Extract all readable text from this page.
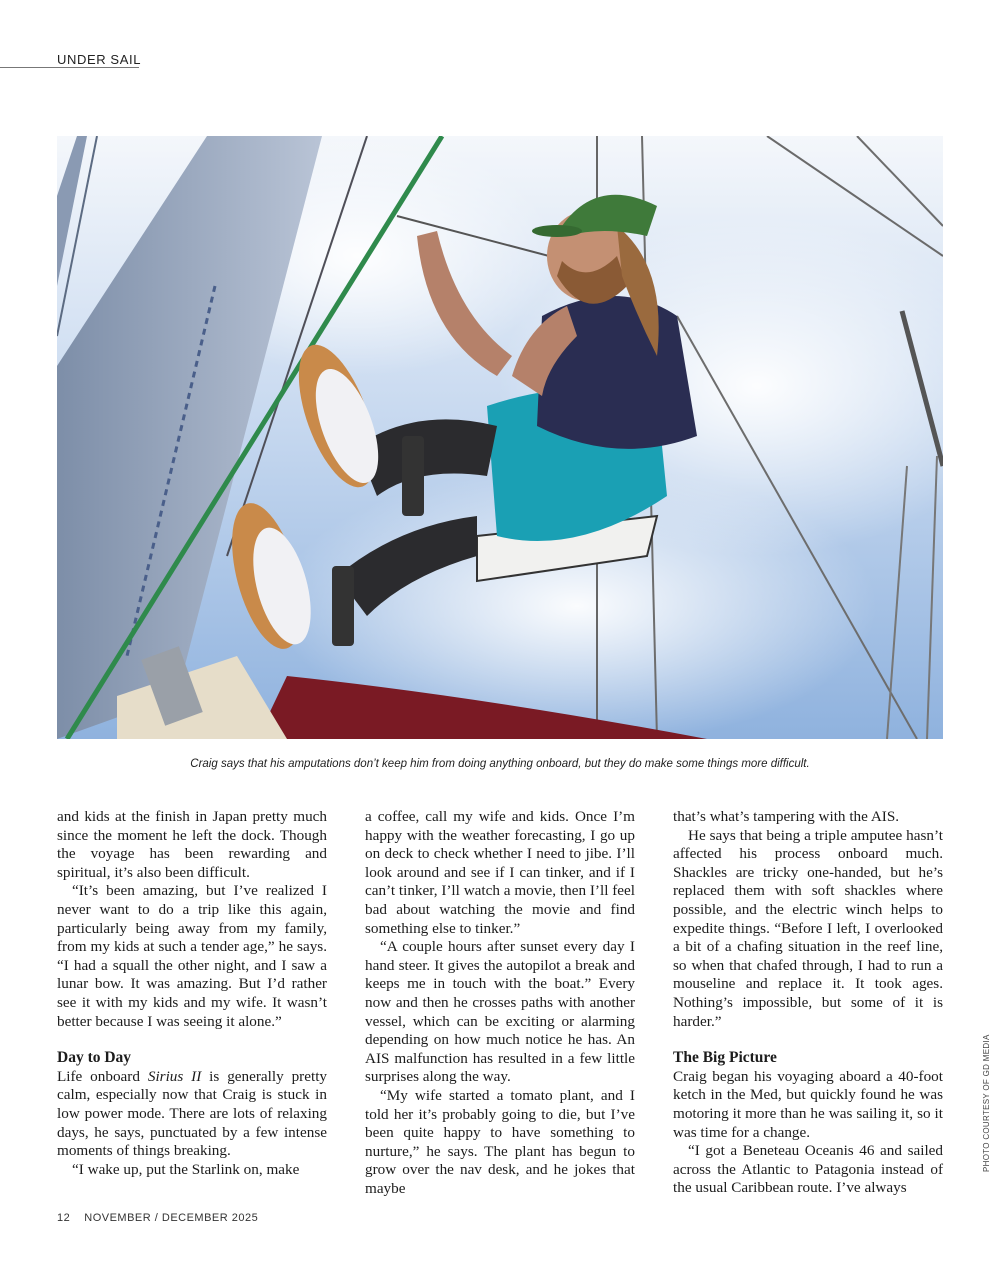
UNDER SAIL
Craig says that his amputations don’t keep him from doing anything onboard, but they do make some things more difficult.

and kids at the finish in Japan pretty much since the moment he left the dock. Though the voyage has been rewarding and spiritual, it’s also been difficult.

“It’s been amazing, but I’ve realized I never want to do a trip like this again, particularly being away from my family, from my kids at such a tender age,” he says. “I had a squall the other night, and I saw a lunar bow. It was amazing. But I’d rather see it with my kids and my wife. It wasn’t better because I was seeing it alone.”

Day to Day

Life onboard Sirius II is generally pretty calm, especially now that Craig is stuck in low power mode. There are lots of relaxing days, he says, punctuated by a few intense moments of things breaking.

“I wake up, put the Starlink on, make

a coffee, call my wife and kids. Once I’m happy with the weather forecasting, I go up on deck to check whether I need to jibe. I’ll look around and see if I can tinker, and if I can’t tinker, I’ll watch a movie, then I’ll feel bad about watching the movie and find something else to tinker.”

“A couple hours after sunset every day I hand steer. It gives the autopilot a break and keeps me in touch with the boat.” Every now and then he crosses paths with another vessel, which can be exciting or alarming depending on how much notice he has. An AIS malfunction has resulted in a few little surprises along the way.

“My wife started a tomato plant, and I told her it’s probably going to die, but I’ve been quite happy to have something to nurture,” he says. The plant has begun to grow over the nav desk, and he jokes that maybe

that’s what’s tampering with the AIS.

He says that being a triple amputee hasn’t affected his process onboard much. Shackles are tricky one-handed, but he’s replaced them with soft shackles where possible, and the electric winch helps to expedite things. “Before I left, I overlooked a bit of a chafing situation in the reef line, so when that chafed through, I had to run a mouseline and replace it. It took ages. Nothing’s impossible, but some of it is harder.”

The Big Picture

Craig began his voyaging aboard a 40-foot ketch in the Med, but quickly found he was motoring it more than he was sailing it, so it was time for a change.

“I got a Beneteau Oceanis 46 and sailed across the Atlantic to Patagonia instead of the usual Caribbean route. I’ve always

PHOTO COURTESY OF GD MEDIA
12 NOVEMBER / DECEMBER 2025
